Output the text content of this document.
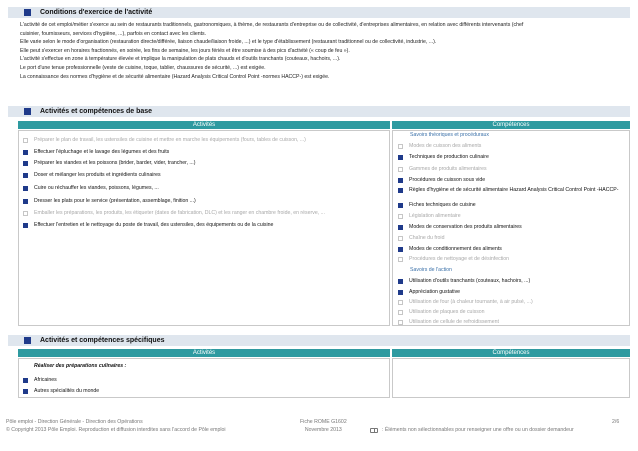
Conditions d'exercice de l'activité
L'activité de cet emploi/métier s'exerce au sein de restaurants traditionnels, gastronomiques, à thème, de restaurants d'entreprise ou de collectivité, d'entreprises alimentaires, en relation avec différents intervenants (chef
cuisinier, fournisseurs, services d'hygiène, ...), parfois en contact avec les clients.
Elle varie selon le mode d'organisation (restauration directe/différée, liaison chaude/liaison froide, ...) et le type d'établissement (restaurant traditionnel ou de collectivité, industrie, ...).
Elle peut s'exercer en horaires fractionnés, en soirée, les fins de semaine, les jours fériés et être soumise à des pics d'activité (« coup de feu »).
L'activité s'effectue en zone à température élevée et implique la manipulation de plats chauds et d'outils tranchants (couteaux, hachoirs, ...).
Le port d'une tenue professionnelle (veste de cuisine, toque, tablier, chaussures de sécurité, ...) est exigée.
La connaissance des normes d'hygiène et de sécurité alimentaire (Hazard Analysis Critical Control Point -normes HACCP-) est exigée.
Activités et compétences de base
Activités	Compétences
Préparer le plan de travail, les ustensiles de cuisine et mettre en marche les équipements (fours, tables de cuisson, ...)
Effectuer l'épluchage et le lavage des légumes et des fruits
Préparer les viandes et les poissons (brider, barder, vider, trancher, ...)
Doser et mélanger les produits et ingrédients culinaires
Cuire ou réchauffer les viandes, poissons, légumes, ...
Dresser les plats pour le service (présentation, assemblage, finition ...)
Emballer les préparations, les produits, les étiqueter (dates de fabrication, DLC) et les ranger en chambre froide, en réserve, ...
Effectuer l'entretien et le nettoyage du poste de travail, des ustensiles, des équipements ou de la cuisine
Savoirs théoriques et procéduraux
Modes de cuisson des aliments
Techniques de production culinaire
Gammes de produits alimentaires
Procédures de cuisson sous vide
Règles d'hygiène et de sécurité alimentaire Hazard Analysis Critical Control Point -HACCP-
Fiches techniques de cuisine
Législation alimentaire
Modes de conservation des produits alimentaires
Chaîne du froid
Modes de conditionnement des aliments
Procédures de nettoyage et de désinfection
Savoirs de l'action
Utilisation d'outils tranchants (couteaux, hachoirs, ...)
Appréciation gustative
Utilisation de four (à chaleur tournante, à air pulsé, ...)
Utilisation de plaques de cuisson
Utilisation de cellule de refroidissement
Activités et compétences spécifiques
Activités	Compétences
Réaliser des préparations culinaires :
Africaines
Autres spécialités du monde
Pôle emploi - Direction Générale - Direction des Opérations
© Copyright 2013 Pôle Emploi. Reproduction et diffusion interdites sans l'accord de Pôle emploi
Fiche ROME G1602
Novembre 2013
2/6
: Éléments non sélectionnables pour renseigner une offre ou un dossier demandeur
